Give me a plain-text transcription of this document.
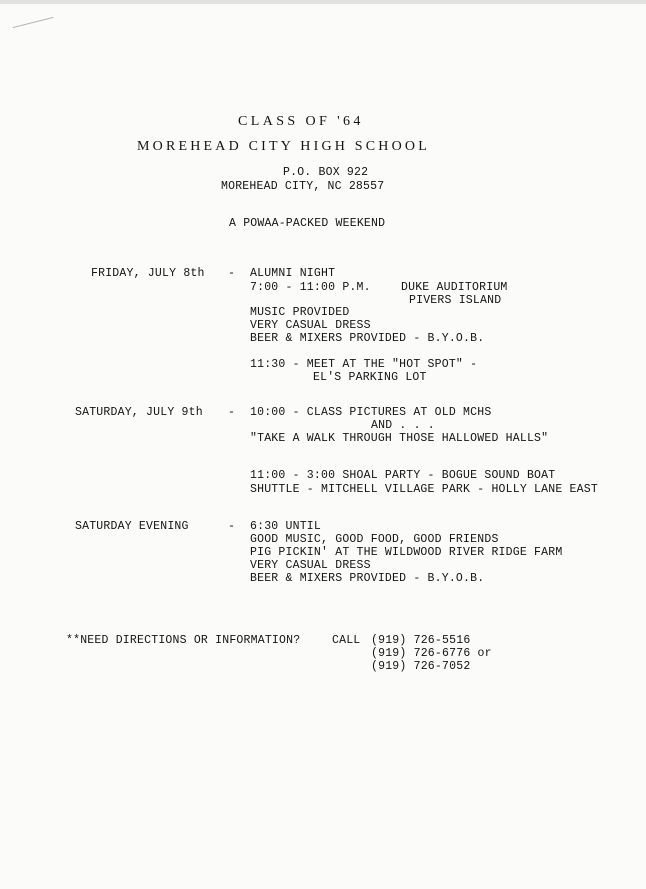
CLASS OF '64
MOREHEAD CITY HIGH SCHOOL
P.O. BOX 922
MOREHEAD CITY, NC 28557
A POWAA-PACKED WEEKEND
FRIDAY, JULY 8th - ALUMNI NIGHT
7:00 - 11:00 P.M.	DUKE AUDITORIUM
PIVERS ISLAND
MUSIC PROVIDED
VERY CASUAL DRESS
BEER & MIXERS PROVIDED - B.Y.O.B.
11:30 - MEET AT THE "HOT SPOT" -
EL'S PARKING LOT
SATURDAY, JULY 9th - 10:00 - CLASS PICTURES AT OLD MCHS
AND . . .
"TAKE A WALK THROUGH THOSE HALLOWED HALLS"
11:00 - 3:00 SHOAL PARTY - BOGUE SOUND BOAT
SHUTTLE - MITCHELL VILLAGE PARK - HOLLY LANE EAST
SATURDAY EVENING	- 6:30 UNTIL
GOOD MUSIC, GOOD FOOD, GOOD FRIENDS
PIG PICKIN' AT THE WILDWOOD RIVER RIDGE FARM
VERY CASUAL DRESS
BEER & MIXERS PROVIDED - B.Y.O.B.
**NEED DIRECTIONS OR INFORMATION?	CALL (919) 726-5516
(919) 726-6776 or
(919) 726-7052
